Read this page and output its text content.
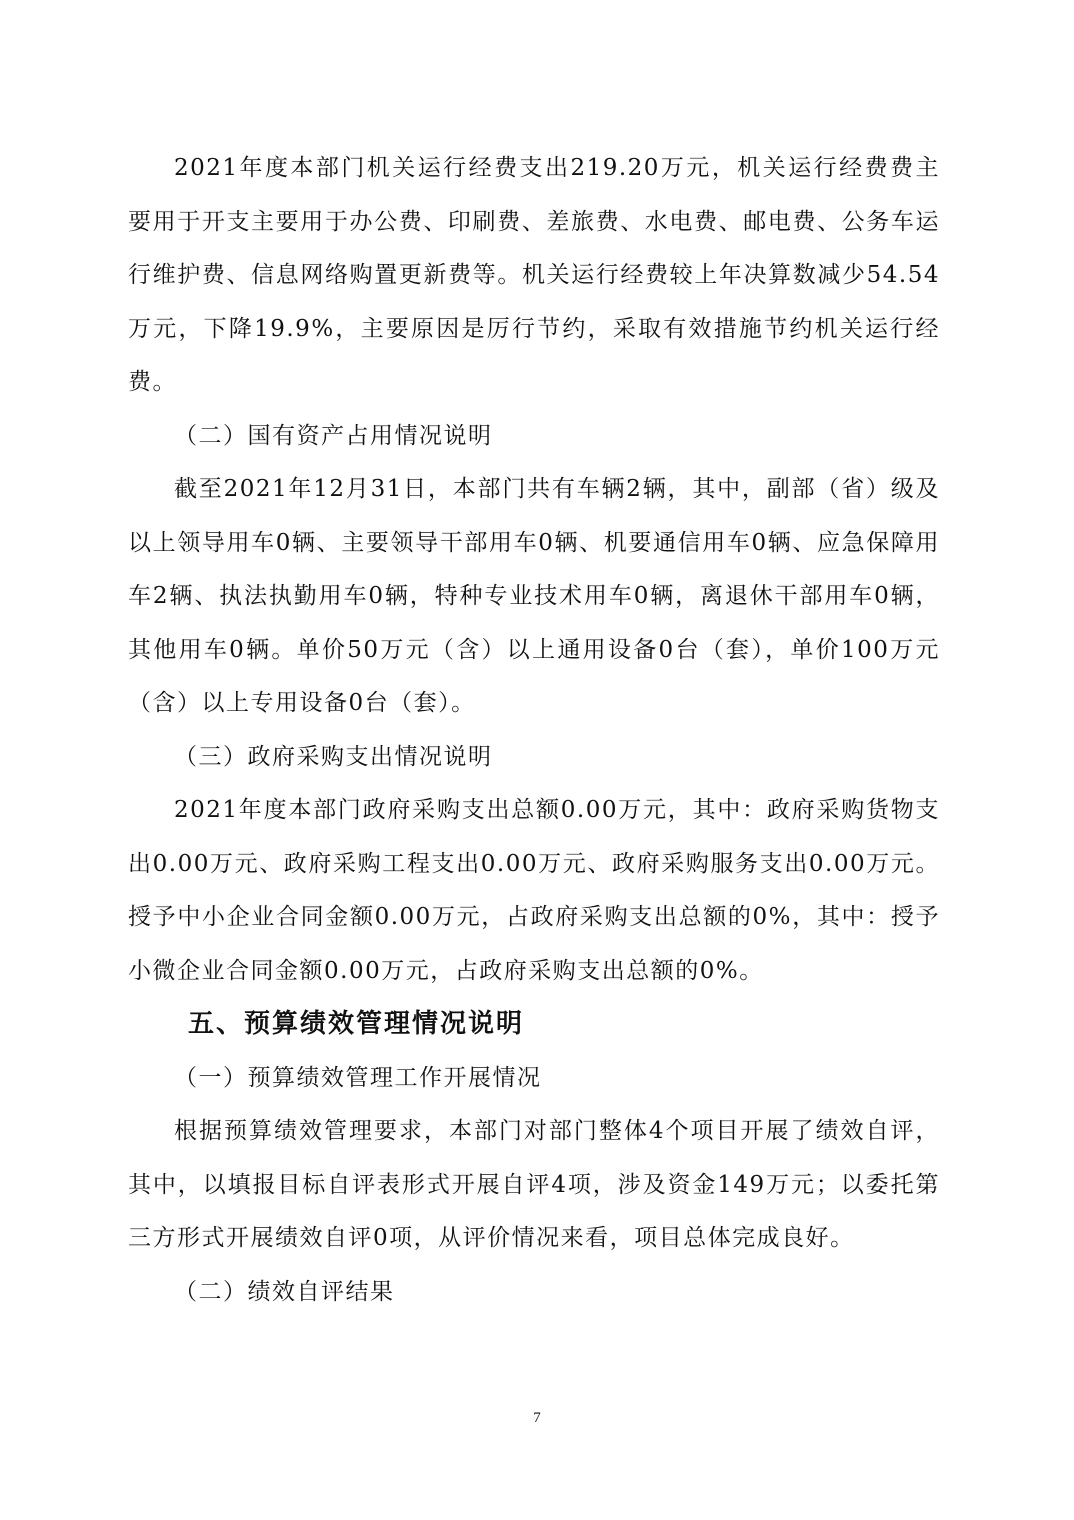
2021年度本部门机关运行经费支出219.20万元，机关运行经费费主要用于开支主要用于办公费、印刷费、差旅费、水电费、邮电费、公务车运行维护费、信息网络购置更新费等。机关运行经费较上年决算数减少54.54万元，下降19.9%，主要原因是厉行节约，采取有效措施节约机关运行经费。

（二）国有资产占用情况说明

截至2021年12月31日，本部门共有车辆2辆，其中，副部（省）级及以上领导用车0辆、主要领导干部用车0辆、机要通信用车0辆、应急保障用车2辆、执法执勤用车0辆，特种专业技术用车0辆，离退休干部用车0辆，其他用车0辆。单价50万元（含）以上通用设备0台（套），单价100万元（含）以上专用设备0台（套）。

（三）政府采购支出情况说明

2021年度本部门政府采购支出总额0.00万元，其中：政府采购货物支出0.00万元、政府采购工程支出0.00万元、政府采购服务支出0.00万元。授予中小企业合同金额0.00万元，占政府采购支出总额的0%，其中：授予小微企业合同金额0.00万元，占政府采购支出总额的0%。

五、预算绩效管理情况说明

（一）预算绩效管理工作开展情况

根据预算绩效管理要求，本部门对部门整体4个项目开展了绩效自评，其中，以填报目标自评表形式开展自评4项，涉及资金149万元；以委托第三方形式开展绩效自评0项，从评价情况来看，项目总体完成良好。

（二）绩效自评结果

7
